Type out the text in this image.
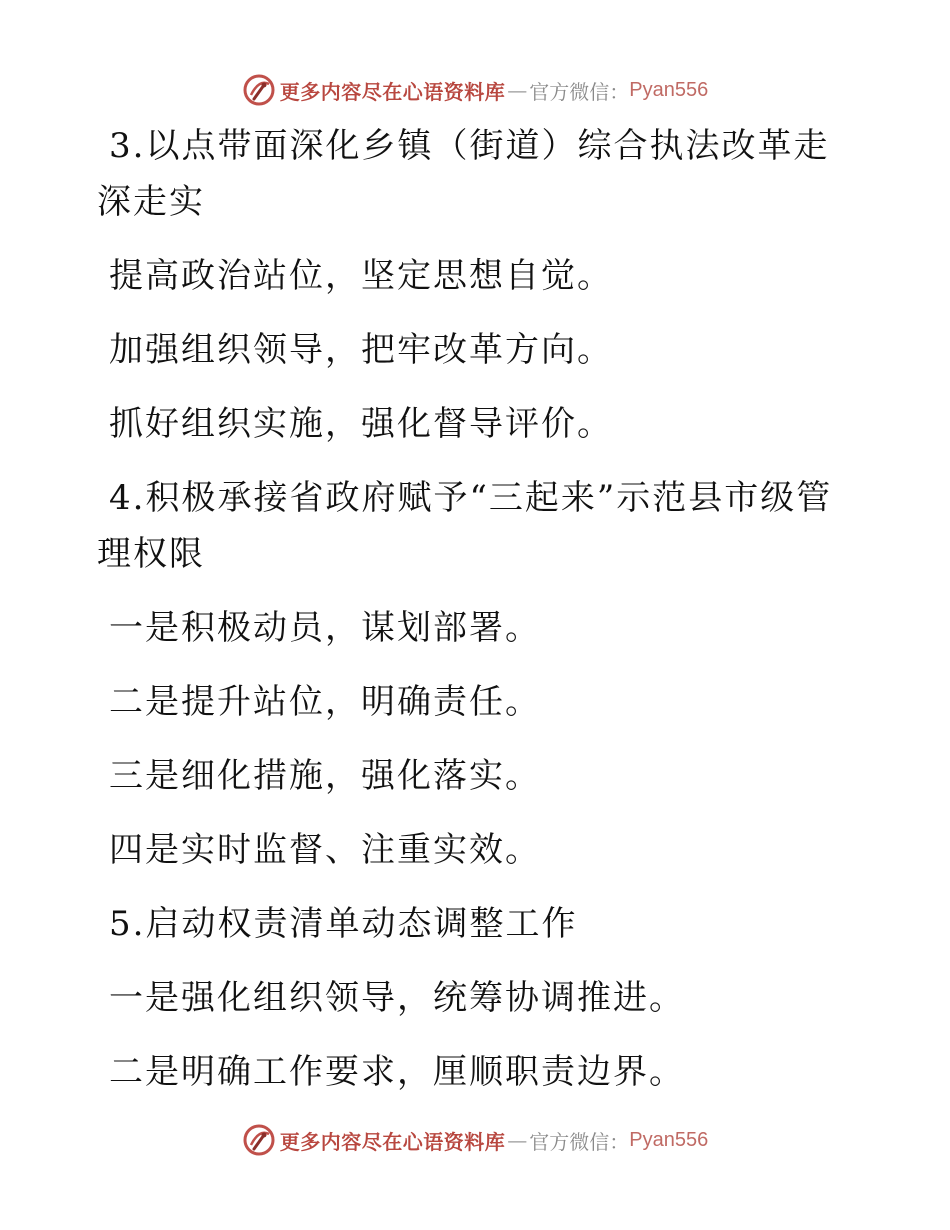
更多内容尽在心语资料库 — 官方微信： Pyan556

3.以点带面深化乡镇（街道）综合执法改革走深走实

提高政治站位，坚定思想自觉。

加强组织领导，把牢改革方向。

抓好组织实施，强化督导评价。

4.积极承接省政府赋予“三起来”示范县市级管理权限

一是积极动员，谋划部署。

二是提升站位，明确责任。

三是细化措施，强化落实。

四是实时监督、注重实效。

5.启动权责清单动态调整工作

一是强化组织领导，统筹协调推进。

二是明确工作要求，厘顺职责边界。

更多内容尽在心语资料库 — 官方微信： Pyan556
